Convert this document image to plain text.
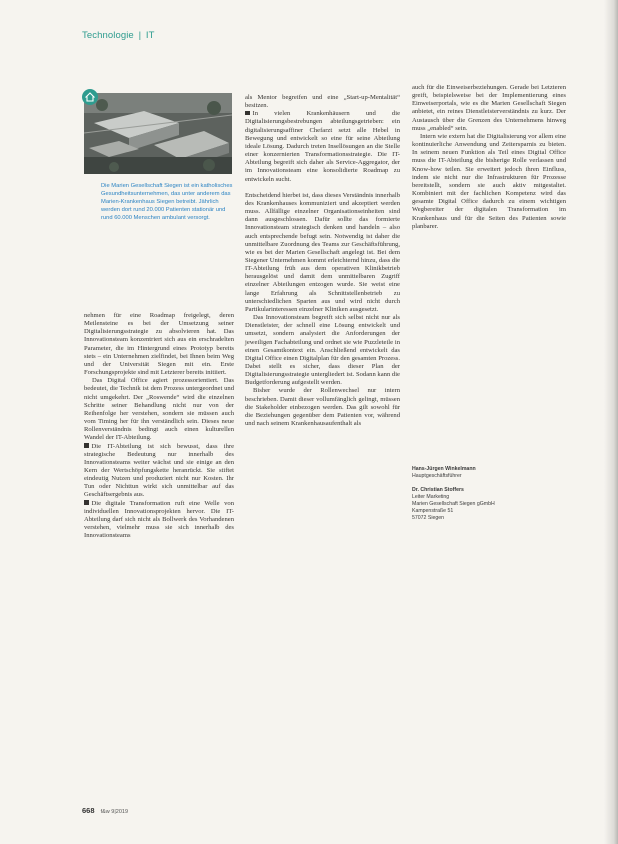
Technologie | IT
Die Marien Gesellschaft Siegen ist ein katholisches Gesundheitsunternehmen, das unter anderem das Marien-Krankenhaus Siegen betreibt. Jährlich werden dort rund 20.000 Patienten stationär und rund 60.000 Menschen ambulant versorgt.

nehmen für eine Roadmap freigelegt, deren Meilensteine es bei der Umsetzung seiner Digitalisierungsstrategie zu absolvieren hat. Das Innovationsteam konzentriert sich aus ein erschradelten Parameter, die im Hintergrund eines Prototyp bereits stets – ein Unternehmen zielfindet, bei Ihnen beim Weg und der Universität Siegen mit ein. Erste Forschungsprojekte sind mit Letzterer bereits initiiert.

Das Digital Office agiert prozessorientiert. Das bedeutet, die Technik ist dem Prozess untergeordnet und nicht umgekehrt. Der „Roswende“ wird die einzelnen Schritte seiner Behandlung nicht nur von der Reihenfolge her verstehen, sondern sie müssen auch vom Timing her für ihn verständlich sein. Dieses neue Rollenverständnis bedingt auch einen kulturellen Wandel der IT-Abteilung.

Die IT-Abteilung ist sich bewusst, dass ihre strategische Bedeutung nur innerhalb des Innovationsteams weiter wächst und sie einige an den Kern der Wertschöpfungskette heranrückt. Sie stiftet eindeutig Nutzen und produziert nicht nur Kosten. Ihr Tun oder Nichttun wirkt sich unmittelbar auf das Geschäftsergebnis aus.

Die digitale Transformation ruft eine Welle von individuellen Innovationsprojekten hervor. Die IT-Abteilung darf sich nicht als Bollwerk des Vorhandenen verstehen, vielmehr muss sie sich innerhalb des Innovationsteams

als Mentor begreifen und eine „Start-up-Mentalität“ besitzen.

In vielen Krankenhäusern und die Digitalisierungsbestrebungen abteilungsgetrieben: ein digitalisierungsaffiner Chefarzt setzt alle Hebel in Bewegung und entwickelt so eine für seine Abteilung ideale Lösung. Dadurch treten Insellösungen an die Stelle einer konzernierten Transformationsstrategie. Die IT-Abteilung begreift sich daher als Service-Aggregator, der im Innovationsteam eine konsolidierte Roadmap zu entwickeln sucht.

Entscheidend hierbei ist, dass dieses Verständnis innerhalb des Krankenhauses kommuniziert und akzeptiert werden muss. Allfällige einzelner Organisationseinheiten sind dann ausgeschlossen. Dafür sollte das formierte Innovationsteam strategisch denken und handeln – also auch entsprechende befugt sein. Notwendig ist daher die unmittelbare Zuordnung des Teams zur Geschäftsführung, wie es bei der Marien Gesellschaft angelegt ist. Bei dem Siegener Unternehmen kommt erleichternd hinzu, dass die IT-Abteilung früh aus dem operativen Klinikbetrieb herausgelöst und damit dem unmittelbaren Zugriff einzelner Abteilungen entzogen wurde. Sie weist eine lange Erfahrung als Schnittstellenbetrieb zu unterschiedlichen Sparten aus und wird nicht durch Partikularinteressen einzelner Kliniken ausgesetzt.

Das Innovationsteam begreift sich selbst nicht nur als Dienstleister, der schnell eine Lösung entwickelt und umsetzt, sondern analysiert die Anforderungen der jeweiligen Fachabteilung und ordnet sie wie Puzzleteile in einen Gesamtkontext ein. Anschließend entwickelt das Digital Office einen Digitalplan für den gesamten Prozess. Dabei stellt es sicher, dass dieser Plan der Digitalisierungsstrategie untergliedert ist. Sodann kann die Budgetforderung aufgestellt werden.

Bisher wurde der Rollenwechsel nur intern beschrieben. Damit dieser vollumfänglich gelingt, müssen die Stakeholder einbezogen werden. Das gilt sowohl für die Beziehungen gegenüber dem Patienten vor, während und nach seinem Krankenhausaufenthalt als

auch für die Einweiserbeziehungen. Gerade bei Letzteren greift, beispielsweise bei der Implementierung eines Einweiserportals, wie es die Marien Gesellschaft Siegen anbietet, ein reines Dienstleisterverständnis zu kurz. Der Austausch über die Grenzen des Unternehmens hinweg muss „enabled“ sein.

Intern wie extern hat die Digitalisierung vor allem eine kontinuierliche Anwendung und Zeitersparnis zu bieten. In seinem neuen Funktion als Teil eines Digital Office muss die IT-Abteilung die bisherige Rolle verlassen und Know-how teilen. Sie erweitert jedoch ihren Einfluss, indem sie nicht nur die Infrastrukturen für Prozesse bereitstellt, sondern sie auch aktiv mitgestaltet. Kombiniert mit der fachlichen Kompetenz wird das gesamte Digital Office dadurch zu einem wichtigen Wegbereiter der digitalen Transformation im Krankenhaus und für die Seiten des Patienten sowie planbarer.

Hans-Jürgen Winkelmann
Hauptgeschäftsführer
Dr. Christian Stoffers
Leiter Marketing
Marien Gesellschaft Siegen gGmbH
Kampenstraße 51
57072 Siegen
668 f&w 9|2019
